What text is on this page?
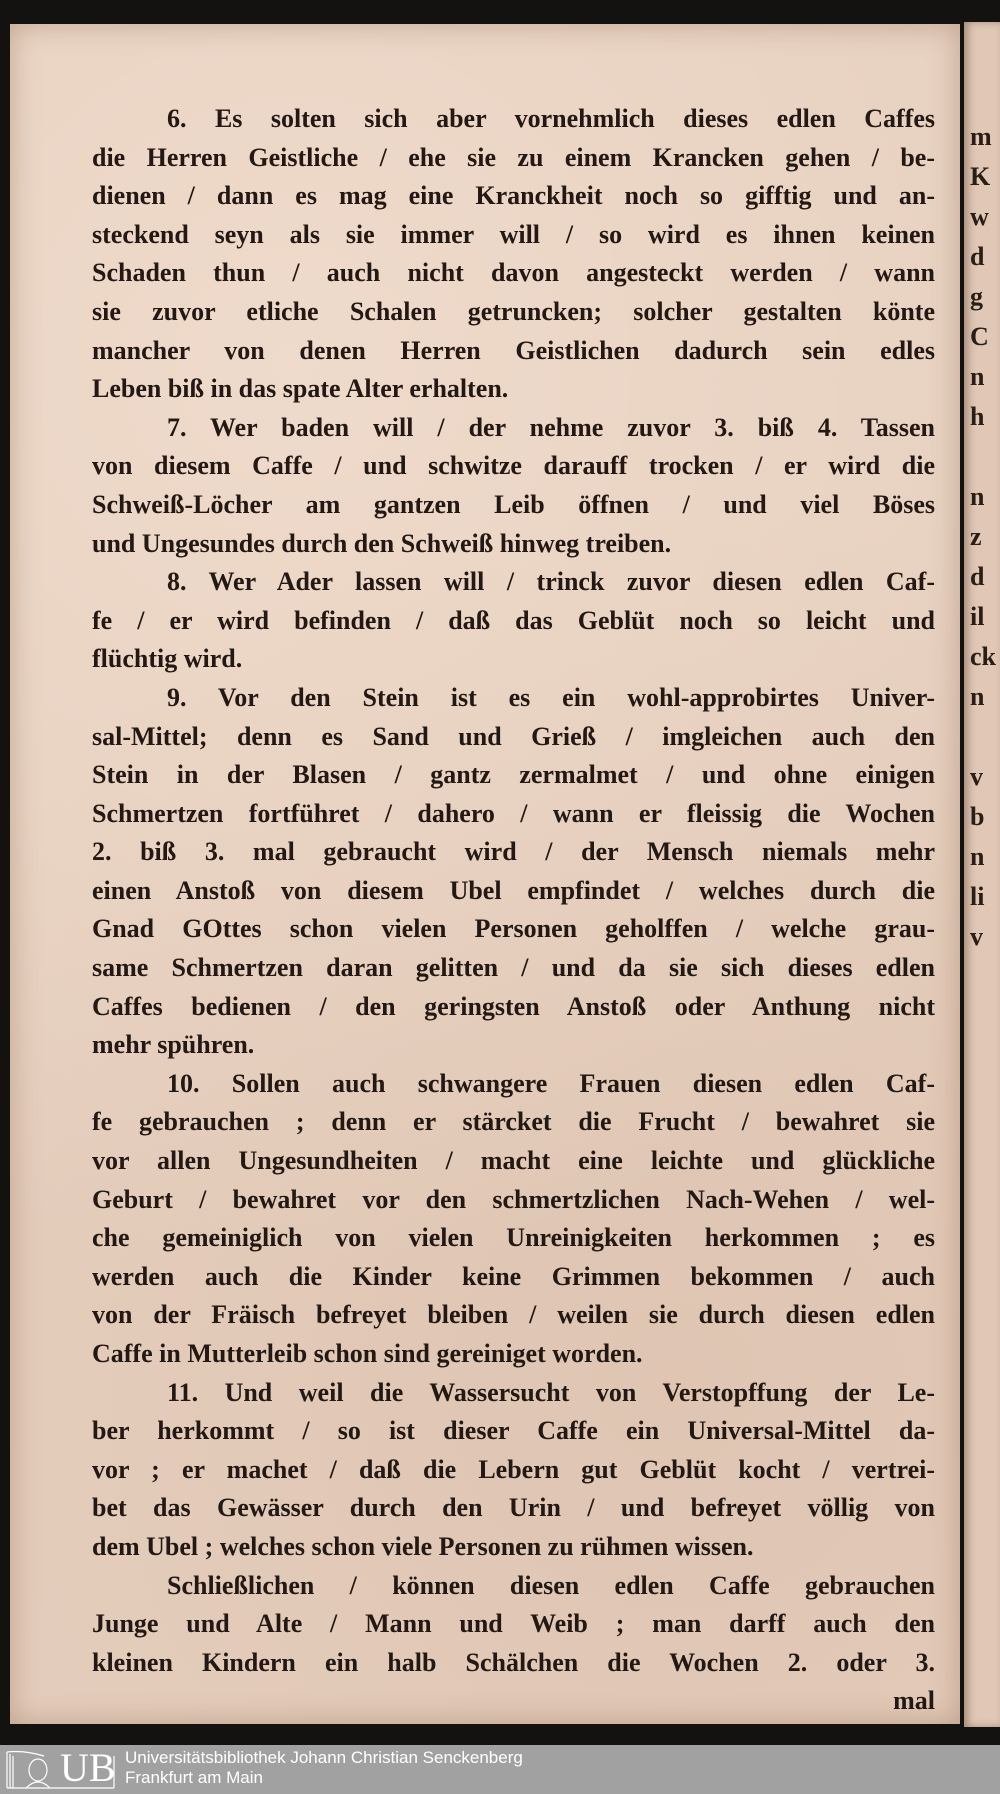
6. Es solten sich aber vornehmlich dieses edlen Caffes
die Herren Geistliche / ehe sie zu einem Krancken gehen / be-
dienen / dann es mag eine Kranckheit noch so gifftig und an-
steckend seyn als sie immer will / so wird es ihnen keinen
Schaden thun / auch nicht davon angesteckt werden / wann
sie zuvor etliche Schalen getruncken; solcher gestalten könte
mancher von denen Herren Geistlichen dadurch sein edles
Leben biß in das spate Alter erhalten.
7. Wer baden will / der nehme zuvor 3. biß 4. Tassen
von diesem Caffe / und schwitze darauff trocken / er wird die
Schweiß-Löcher am gantzen Leib öffnen / und viel Böses
und Ungesundes durch den Schweiß hinweg treiben.
8. Wer Ader lassen will / trinck zuvor diesen edlen Caf-
fe / er wird befinden / daß das Geblüt noch so leicht und
flüchtig wird.
9. Vor den Stein ist es ein wohl-approbirtes Univer-
sal-Mittel; denn es Sand und Grieß / imgleichen auch den
Stein in der Blasen / gantz zermalmet / und ohne einigen
Schmertzen fortführet / dahero / wann er fleissig die Wochen
2. biß 3. mal gebraucht wird / der Mensch niemals mehr
einen Anstoß von diesem Ubel empfindet / welches durch die
Gnad GOttes schon vielen Personen geholffen / welche grau-
same Schmertzen daran gelitten / und da sie sich dieses edlen
Caffes bedienen / den geringsten Anstoß oder Anthung nicht
mehr spühren.
10. Sollen auch schwangere Frauen diesen edlen Caf-
fe gebrauchen ; denn er stärcket die Frucht / bewahret sie
vor allen Ungesundheiten / macht eine leichte und glückliche
Geburt / bewahret vor den schmertzlichen Nach-Wehen / wel-
che gemeiniglich von vielen Unreinigkeiten herkommen ; es
werden auch die Kinder keine Grimmen bekommen / auch
von der Fräisch befreyet bleiben / weilen sie durch diesen edlen
Caffe in Mutterleib schon sind gereiniget worden.
11. Und weil die Wassersucht von Verstopffung der Le-
ber herkommt / so ist dieser Caffe ein Universal-Mittel da-
vor ; er machet / daß die Lebern gut Geblüt kocht / vertrei-
bet das Gewässer durch den Urin / und befreyet völlig von
dem Ubel ; welches schon viele Personen zu rühmen wissen.
Schließlichen / können diesen edlen Caffe gebrauchen
Junge und Alte / Mann und Weib ; man darff auch den
kleinen Kindern ein halb Schälchen die Wochen 2. oder 3.
mal
m
K
w
d
g
C
n
h
n
z
d
il
ck
n
v
b
n
li
v
UB Universitätsbibliothek Johann Christian Senckenberg
Frankfurt am Main
